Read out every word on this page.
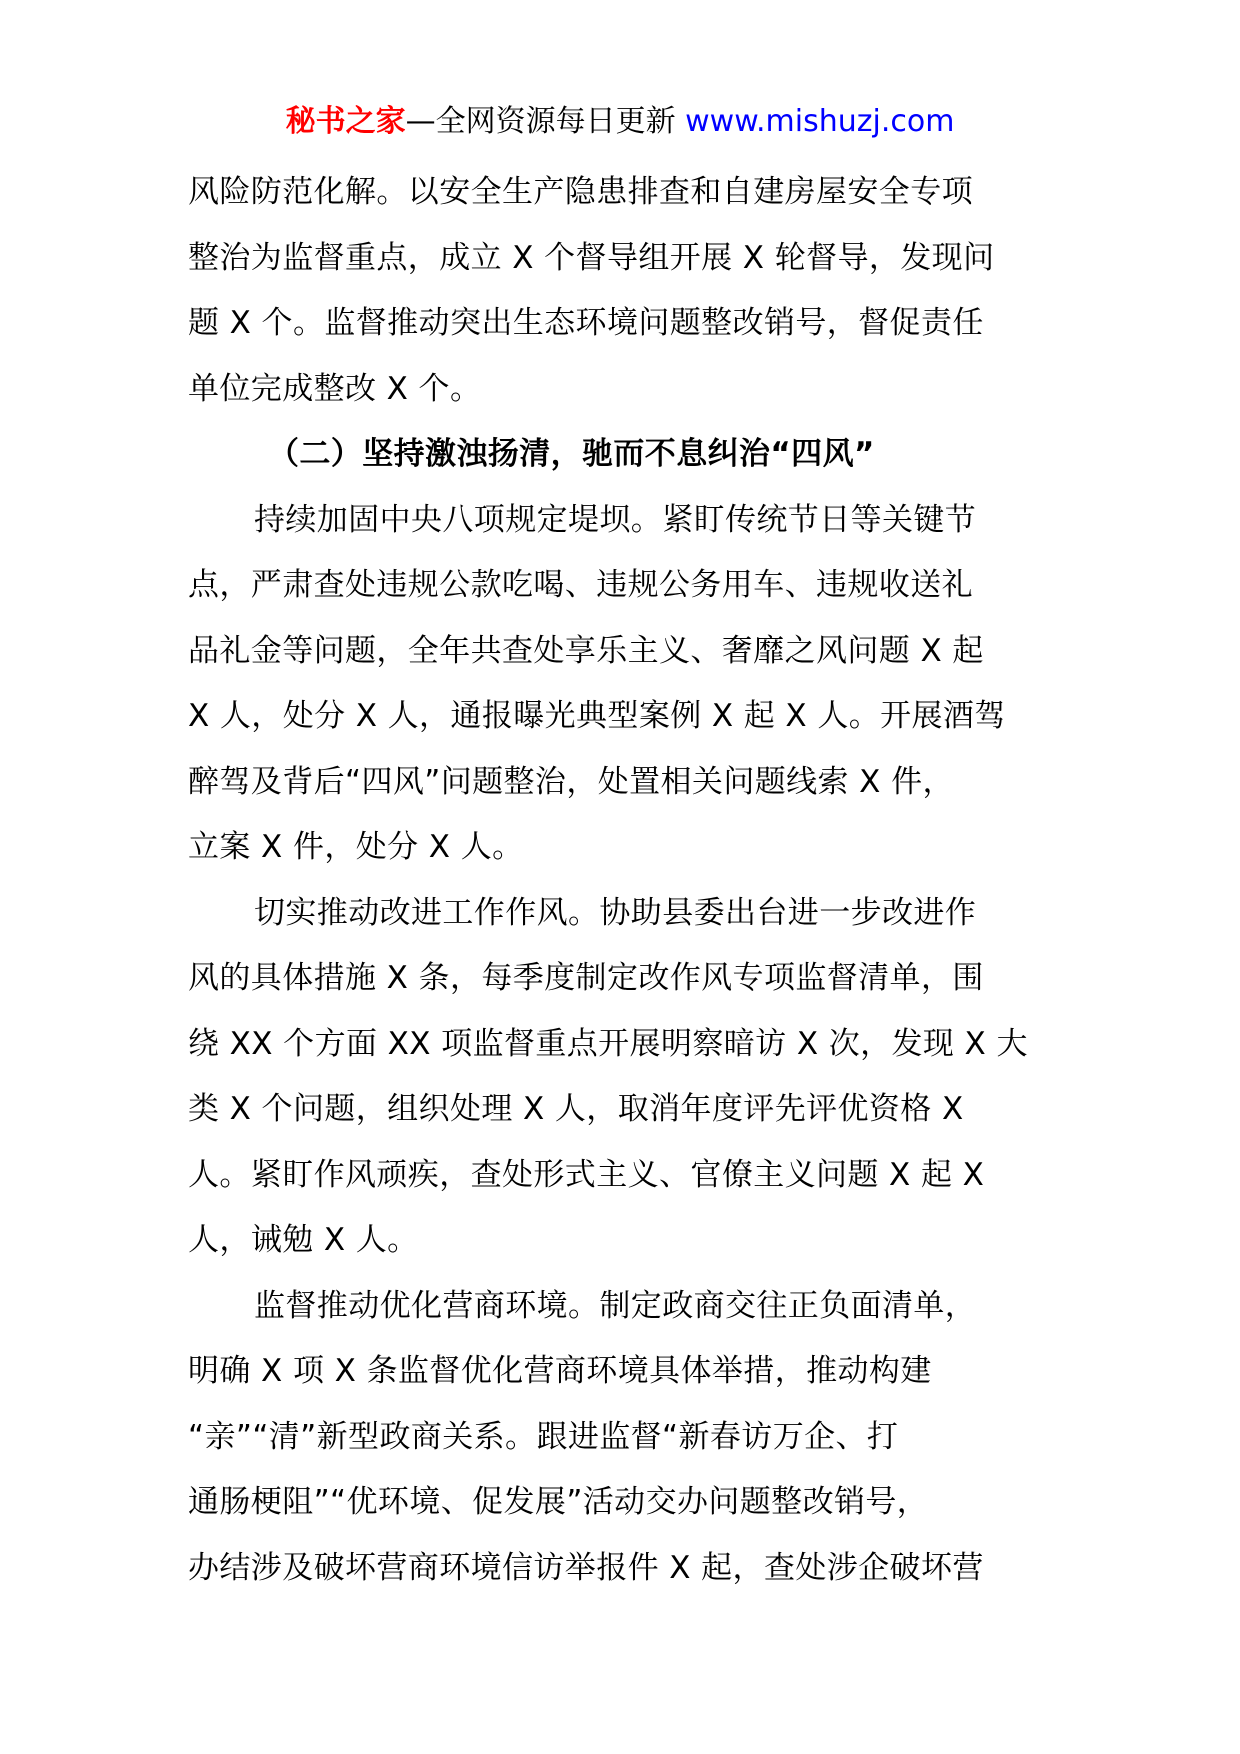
秘书之家—全网资源每日更新 www.mishuzj.com
风险防范化解。以安全生产隐患排查和自建房屋安全专项
整治为监督重点，成立 X 个督导组开展 X 轮督导，发现问
题 X 个。监督推动突出生态环境问题整改销号，督促责任
单位完成整改 X 个。
（二）坚持激浊扬清，驰而不息纠治“四风”
持续加固中央八项规定堤坝。紧盯传统节日等关键节
点，严肃查处违规公款吃喝、违规公务用车、违规收送礼
品礼金等问题，全年共查处享乐主义、奢靡之风问题 X 起
X 人，处分 X 人，通报曝光典型案例 X 起 X 人。开展酒驾
醉驾及背后“四风”问题整治，处置相关问题线索 X 件，
立案 X 件，处分 X 人。
切实推动改进工作作风。协助县委出台进一步改进作
风的具体措施 X 条，每季度制定改作风专项监督清单，围
绕 XX 个方面 XX 项监督重点开展明察暗访 X 次，发现 X 大
类 X 个问题，组织处理 X 人，取消年度评先评优资格 X
人。紧盯作风顽疾，查处形式主义、官僚主义问题 X 起 X
人，诫勉 X 人。
监督推动优化营商环境。制定政商交往正负面清单，
明确 X 项 X 条监督优化营商环境具体举措，推动构建
“亲”“清”新型政商关系。跟进监督“新春访万企、打
通肠梗阻”“优环境、促发展”活动交办问题整改销号，
办结涉及破坏营商环境信访举报件 X 起，查处涉企破坏营
